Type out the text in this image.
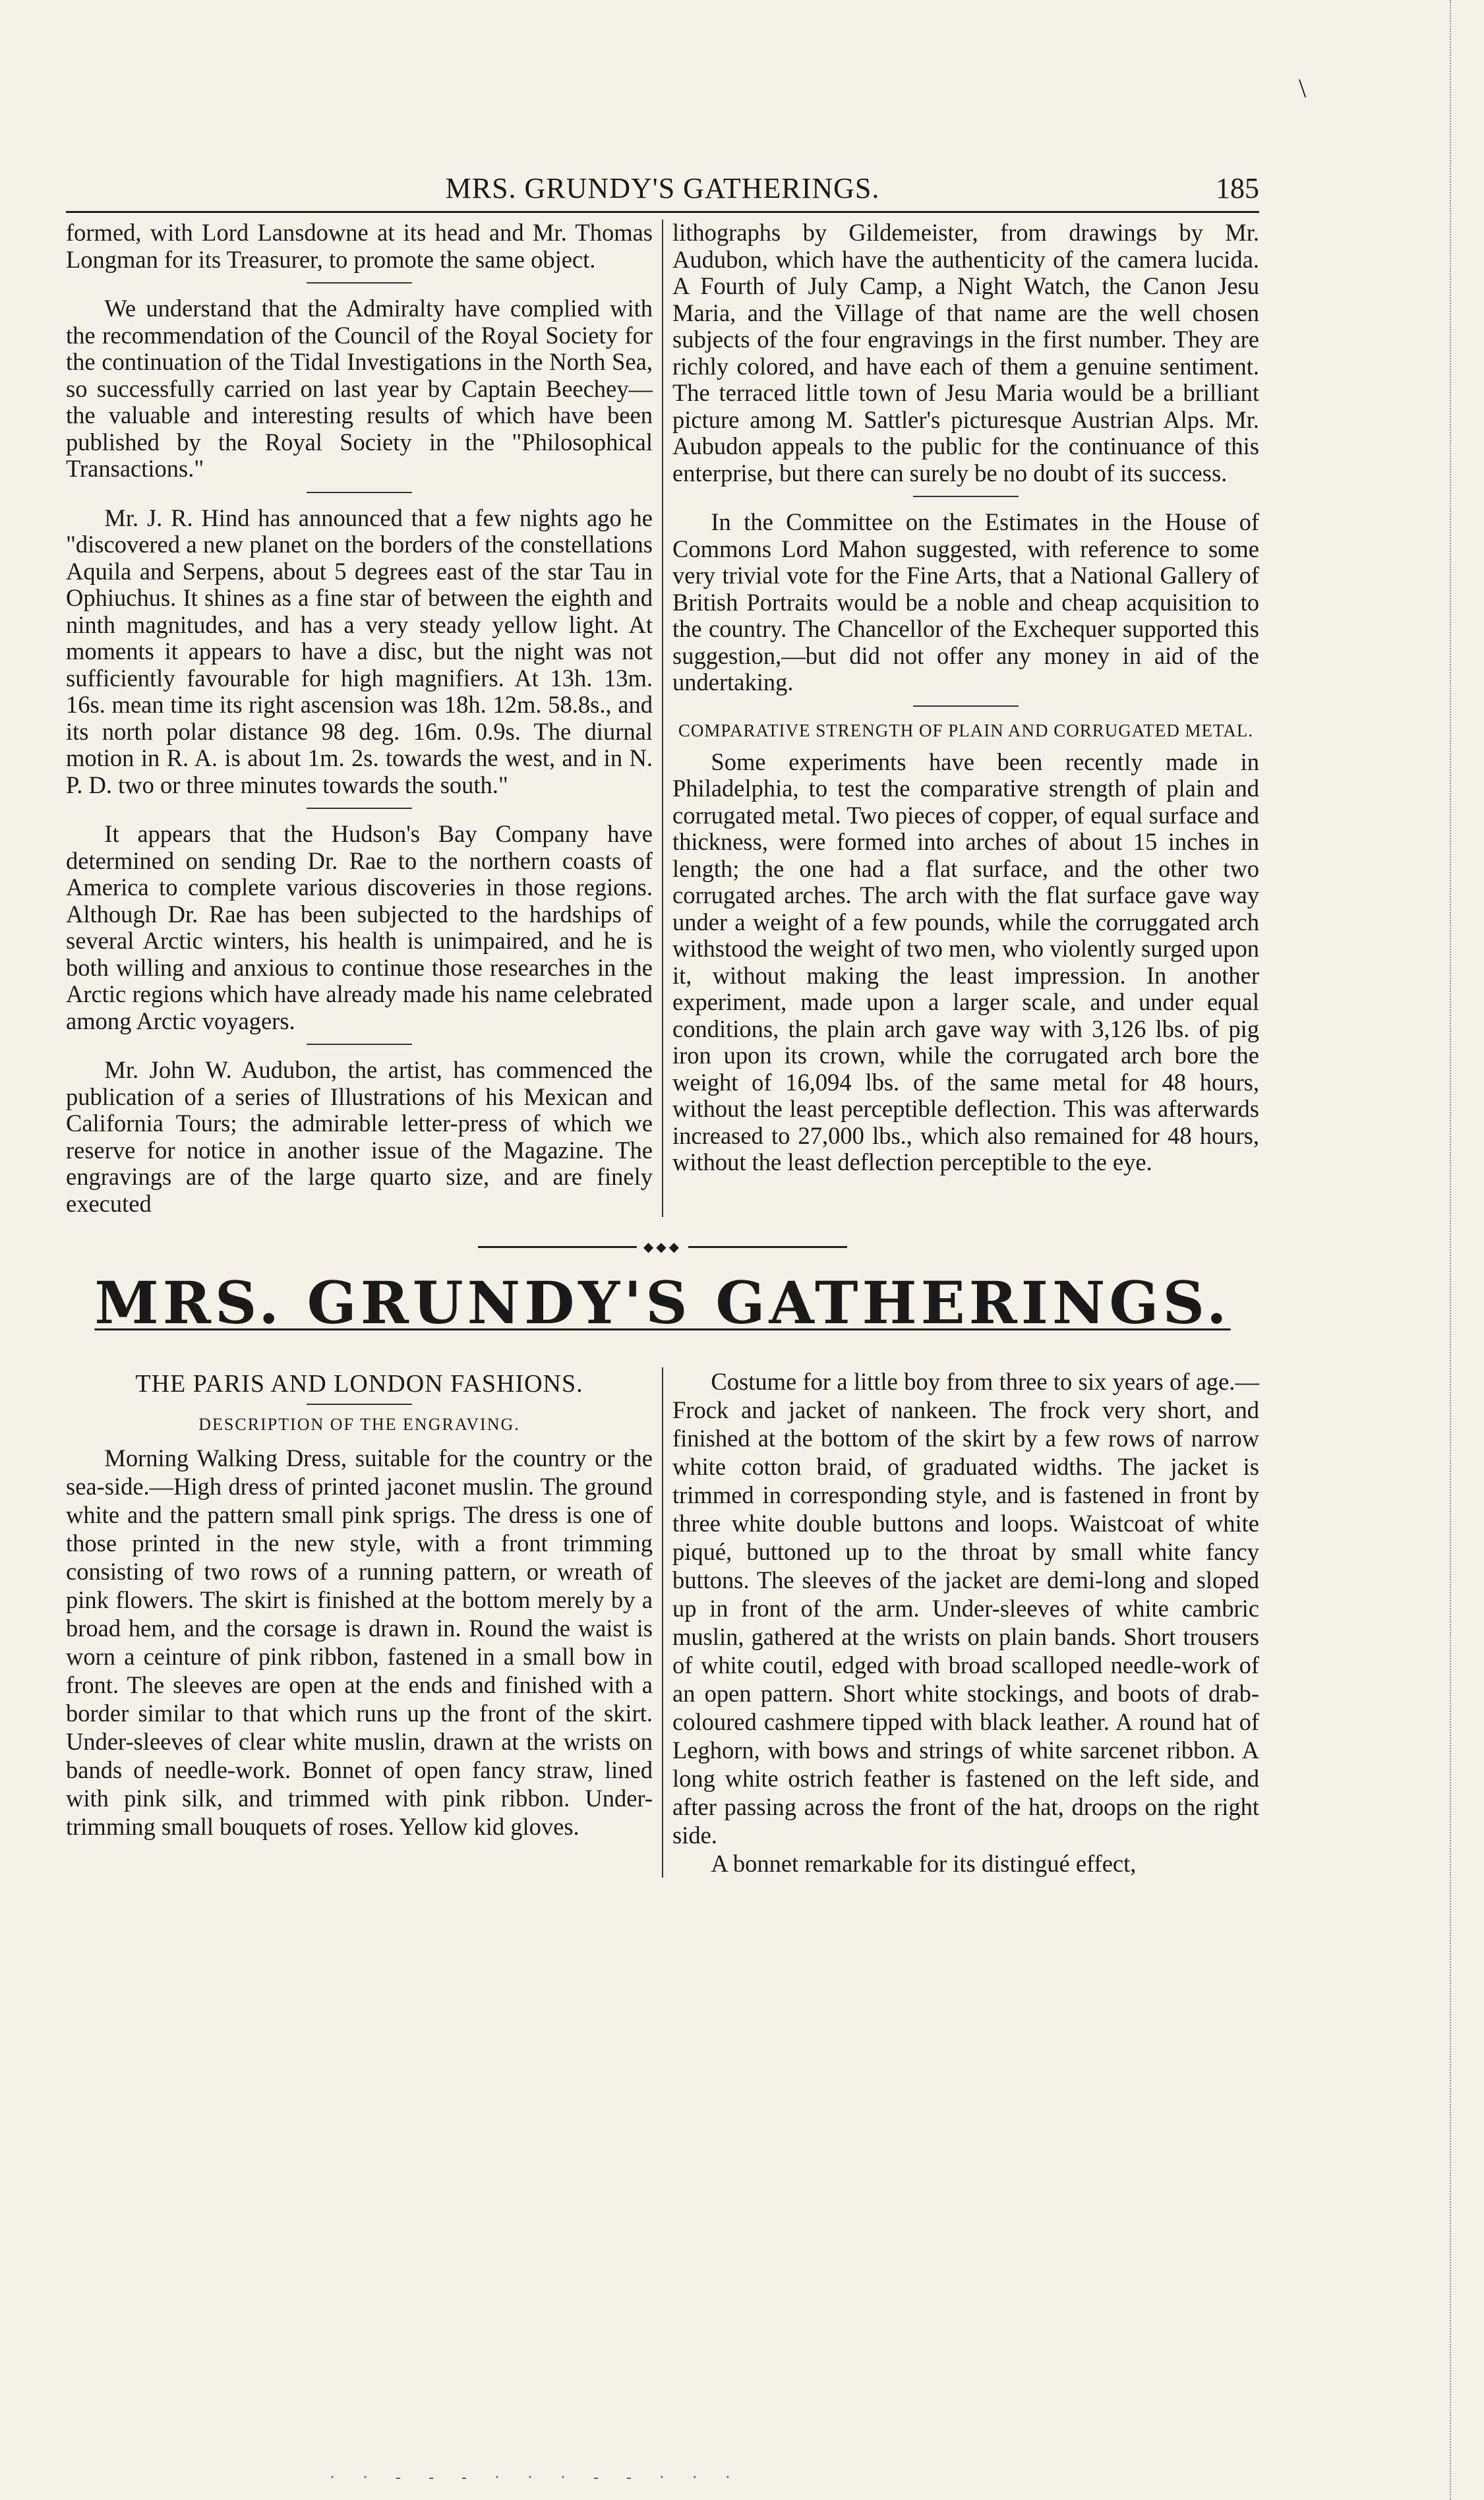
\
MRS. GRUNDY'S GATHERINGS.	185

formed, with Lord Lansdowne at its head and Mr. Thomas Longman for its Treasurer, to promote the same object.

We understand that the Admiralty have complied with the recommendation of the Council of the Royal Society for the continuation of the Tidal Investigations in the North Sea, so successfully carried on last year by Captain Beechey—the valuable and interesting results of which have been published by the Royal Society in the "Philosophical Transactions."

Mr. J. R. Hind has announced that a few nights ago he "discovered a new planet on the borders of the constellations Aquila and Serpens, about 5 degrees east of the star Tau in Ophiuchus. It shines as a fine star of between the eighth and ninth magnitudes, and has a very steady yellow light. At moments it appears to have a disc, but the night was not sufficiently favourable for high magnifiers. At 13h. 13m. 16s. mean time its right ascension was 18h. 12m. 58.8s., and its north polar distance 98 deg. 16m. 0.9s. The diurnal motion in R. A. is about 1m. 2s. towards the west, and in N. P. D. two or three minutes towards the south."

It appears that the Hudson's Bay Company have determined on sending Dr. Rae to the northern coasts of America to complete various discoveries in those regions. Although Dr. Rae has been subjected to the hardships of several Arctic winters, his health is unimpaired, and he is both willing and anxious to continue those researches in the Arctic regions which have already made his name celebrated among Arctic voyagers.

Mr. John W. Audubon, the artist, has commenced the publication of a series of Illustrations of his Mexican and California Tours; the admirable letter-press of which we reserve for notice in another issue of the Magazine. The engravings are of the large quarto size, and are finely executed

lithographs by Gildemeister, from drawings by Mr. Audubon, which have the authenticity of the camera lucida. A Fourth of July Camp, a Night Watch, the Canon Jesu Maria, and the Village of that name are the well chosen subjects of the four engravings in the first number. They are richly colored, and have each of them a genuine sentiment. The terraced little town of Jesu Maria would be a brilliant picture among M. Sattler's picturesque Austrian Alps. Mr. Aubudon appeals to the public for the continuance of this enterprise, but there can surely be no doubt of its success.

In the Committee on the Estimates in the House of Commons Lord Mahon suggested, with reference to some very trivial vote for the Fine Arts, that a National Gallery of British Portraits would be a noble and cheap acquisition to the country. The Chancellor of the Exchequer supported this suggestion,—but did not offer any money in aid of the undertaking.

COMPARATIVE STRENGTH OF PLAIN AND CORRUGATED METAL.

Some experiments have been recently made in Philadelphia, to test the comparative strength of plain and corrugated metal. Two pieces of copper, of equal surface and thickness, were formed into arches of about 15 inches in length; the one had a flat surface, and the other two corrugated arches. The arch with the flat surface gave way under a weight of a few pounds, while the corruggated arch withstood the weight of two men, who violently surged upon it, without making the least impression. In another experiment, made upon a larger scale, and under equal conditions, the plain arch gave way with 3,126 lbs. of pig iron upon its crown, while the corrugated arch bore the weight of 16,094 lbs. of the same metal for 48 hours, without the least perceptible deflection. This was afterwards increased to 27,000 lbs., which also remained for 48 hours, without the least deflection perceptible to the eye.

◆◆◆
MRS. GRUNDY'S GATHERINGS.
THE PARIS AND LONDON FASHIONS.
DESCRIPTION OF THE ENGRAVING.

Morning Walking Dress, suitable for the country or the sea-side.—High dress of printed jaconet muslin. The ground white and the pattern small pink sprigs. The dress is one of those printed in the new style, with a front trimming consisting of two rows of a running pattern, or wreath of pink flowers. The skirt is finished at the bottom merely by a broad hem, and the corsage is drawn in. Round the waist is worn a ceinture of pink ribbon, fastened in a small bow in front. The sleeves are open at the ends and finished with a border similar to that which runs up the front of the skirt. Under-sleeves of clear white muslin, drawn at the wrists on bands of needle-work. Bonnet of open fancy straw, lined with pink silk, and trimmed with pink ribbon. Under-trimming small bouquets of roses. Yellow kid gloves.

Costume for a little boy from three to six years of age.—Frock and jacket of nankeen. The frock very short, and finished at the bottom of the skirt by a few rows of narrow white cotton braid, of graduated widths. The jacket is trimmed in corresponding style, and is fastened in front by three white double buttons and loops. Waistcoat of white piqué, buttoned up to the throat by small white fancy buttons. The sleeves of the jacket are demi-long and sloped up in front of the arm. Under-sleeves of white cambric muslin, gathered at the wrists on plain bands. Short trousers of white coutil, edged with broad scalloped needle-work of an open pattern. Short white stockings, and boots of drab-coloured cashmere tipped with black leather. A round hat of Leghorn, with bows and strings of white sarcenet ribbon. A long white ostrich feather is fastened on the left side, and after passing across the front of the hat, droops on the right side.

A bonnet remarkable for its distingué effect,

· · - - - · · · - - · · ·
